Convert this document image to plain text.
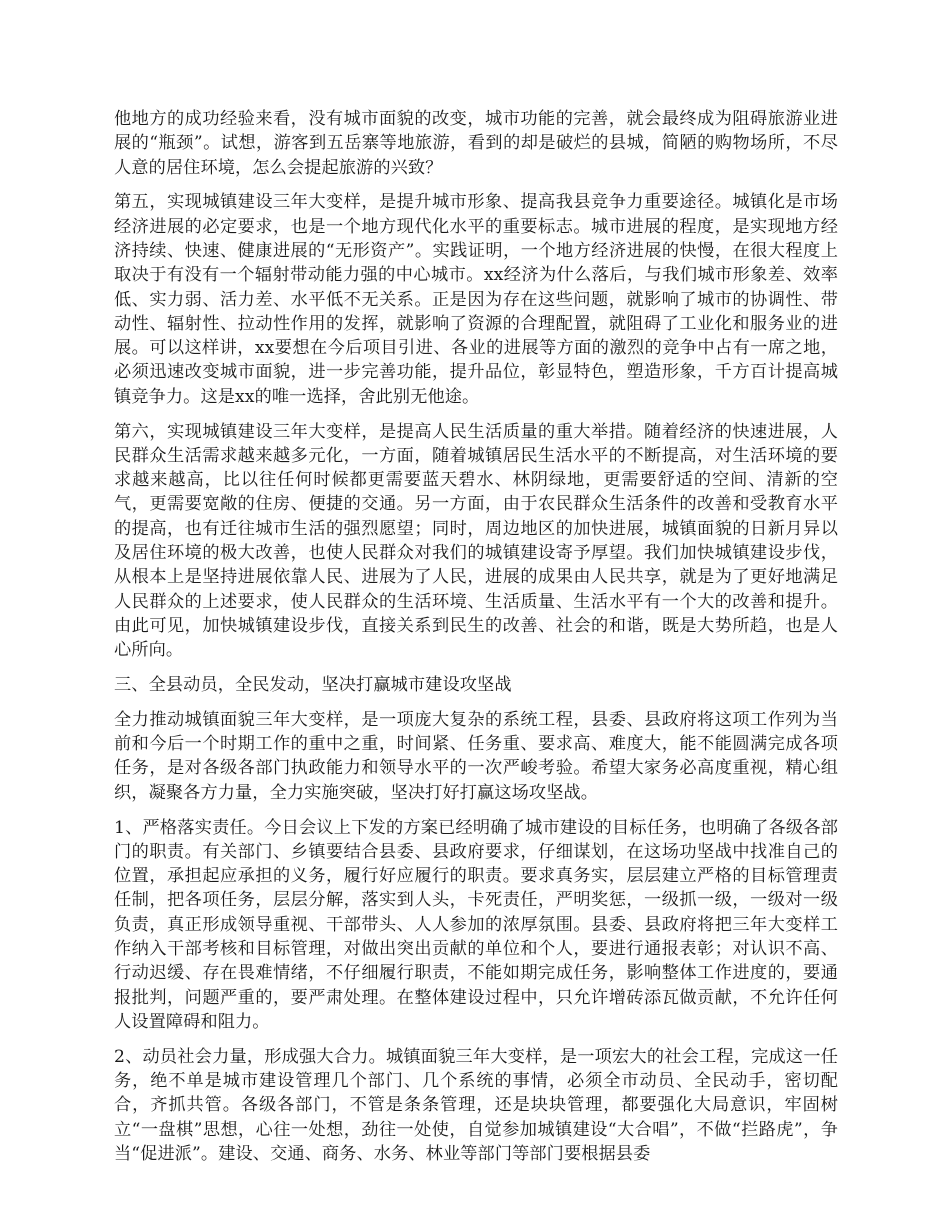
他地方的成功经验来看，没有城市面貌的改变，城市功能的完善，就会最终成为阻碍旅游业进展的“瓶颈”。试想，游客到五岳寨等地旅游，看到的却是破烂的县城，简陋的购物场所，不尽人意的居住环境，怎么会提起旅游的兴致？

第五，实现城镇建设三年大变样，是提升城市形象、提高我县竞争力重要途径。城镇化是市场经济进展的必定要求，也是一个地方现代化水平的重要标志。城市进展的程度，是实现地方经济持续、快速、健康进展的“无形资产”。实践证明，一个地方经济进展的快慢，在很大程度上取决于有没有一个辐射带动能力强的中心城市。xx经济为什么落后，与我们城市形象差、效率低、实力弱、活力差、水平低不无关系。正是因为存在这些问题，就影响了城市的协调性、带动性、辐射性、拉动性作用的发挥，就影响了资源的合理配置，就阻碍了工业化和服务业的进展。可以这样讲，xx要想在今后项目引进、各业的进展等方面的激烈的竞争中占有一席之地，必须迅速改变城市面貌，进一步完善功能，提升品位，彰显特色，塑造形象，千方百计提高城镇竞争力。这是xx的唯一选择，舍此别无他途。

第六，实现城镇建设三年大变样，是提高人民生活质量的重大举措。随着经济的快速进展，人民群众生活需求越来越多元化，一方面，随着城镇居民生活水平的不断提高，对生活环境的要求越来越高，比以往任何时候都更需要蓝天碧水、林阴绿地，更需要舒适的空间、清新的空气，更需要宽敞的住房、便捷的交通。另一方面，由于农民群众生活条件的改善和受教育水平的提高，也有迁往城市生活的强烈愿望；同时，周边地区的加快进展，城镇面貌的日新月异以及居住环境的极大改善，也使人民群众对我们的城镇建设寄予厚望。我们加快城镇建设步伐，从根本上是坚持进展依靠人民、进展为了人民，进展的成果由人民共享，就是为了更好地满足人民群众的上述要求，使人民群众的生活环境、生活质量、生活水平有一个大的改善和提升。由此可见，加快城镇建设步伐，直接关系到民生的改善、社会的和谐，既是大势所趋，也是人心所向。

三、全县动员，全民发动，坚决打赢城市建设攻坚战

全力推动城镇面貌三年大变样，是一项庞大复杂的系统工程，县委、县政府将这项工作列为当前和今后一个时期工作的重中之重，时间紧、任务重、要求高、难度大，能不能圆满完成各项任务，是对各级各部门执政能力和领导水平的一次严峻考验。希望大家务必高度重视，精心组织，凝聚各方力量，全力实施突破，坚决打好打赢这场攻坚战。

1、严格落实责任。今日会议上下发的方案已经明确了城市建设的目标任务，也明确了各级各部门的职责。有关部门、乡镇要结合县委、县政府要求，仔细谋划，在这场功坚战中找准自己的位置，承担起应承担的义务，履行好应履行的职责。要求真务实，层层建立严格的目标管理责任制，把各项任务，层层分解，落实到人头，卡死责任，严明奖惩，一级抓一级，一级对一级负责，真正形成领导重视、干部带头、人人参加的浓厚氛围。县委、县政府将把三年大变样工作纳入干部考核和目标管理，对做出突出贡献的单位和个人，要进行通报表彰；对认识不高、行动迟缓、存在畏难情绪，不仔细履行职责，不能如期完成任务，影响整体工作进度的，要通报批判，问题严重的，要严肃处理。在整体建设过程中，只允许增砖添瓦做贡献，不允许任何人设置障碍和阻力。

2、动员社会力量，形成强大合力。城镇面貌三年大变样，是一项宏大的社会工程，完成这一任务，绝不单是城市建设管理几个部门、几个系统的事情，必须全市动员、全民动手，密切配合，齐抓共管。各级各部门，不管是条条管理，还是块块管理，都要强化大局意识，牢固树立“一盘棋”思想，心往一处想，劲往一处使，自觉参加城镇建设“大合唱”，不做“拦路虎”，争当“促进派”。建设、交通、商务、水务、林业等部门等部门要根据县委
